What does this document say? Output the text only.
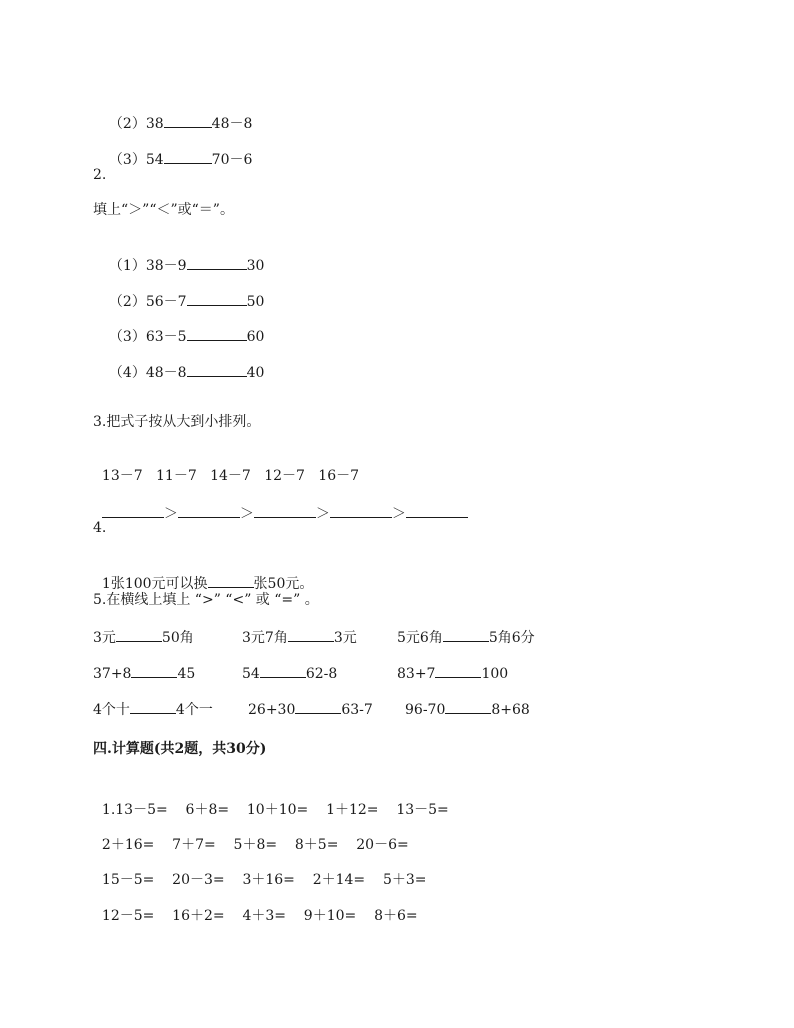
（2）38	48－8

（3）54	70－6

2.
填上“＞”“＜”或“＝”。

（1）38－9	30

（2）56－7	50

（3）63－5	60

（4）48－8	40

3.把式子按从大到小排列。

13－7 11－7 14－7 12－7 16－7

＞	＞	＞	＞

4.

1张100元可以换	张50元。

5.在横线上填上 “>” “<” 或 “=” 。
3元	50角	3元7角	3元	5元6角	5角6分
37+8	45	54	62-8	83+7	100
4个十	4个一	26+30	63-7 96-70	8+68
四.计算题(共2题，共30分)

1.13－5= 6＋8= 10＋10= 1＋12= 13－5=

2＋16= 7＋7= 5＋8= 8＋5= 20－6=

15－5= 20－3= 3＋16= 2＋14= 5＋3=

12－5= 16＋2= 4＋3= 9＋10= 8＋6=
